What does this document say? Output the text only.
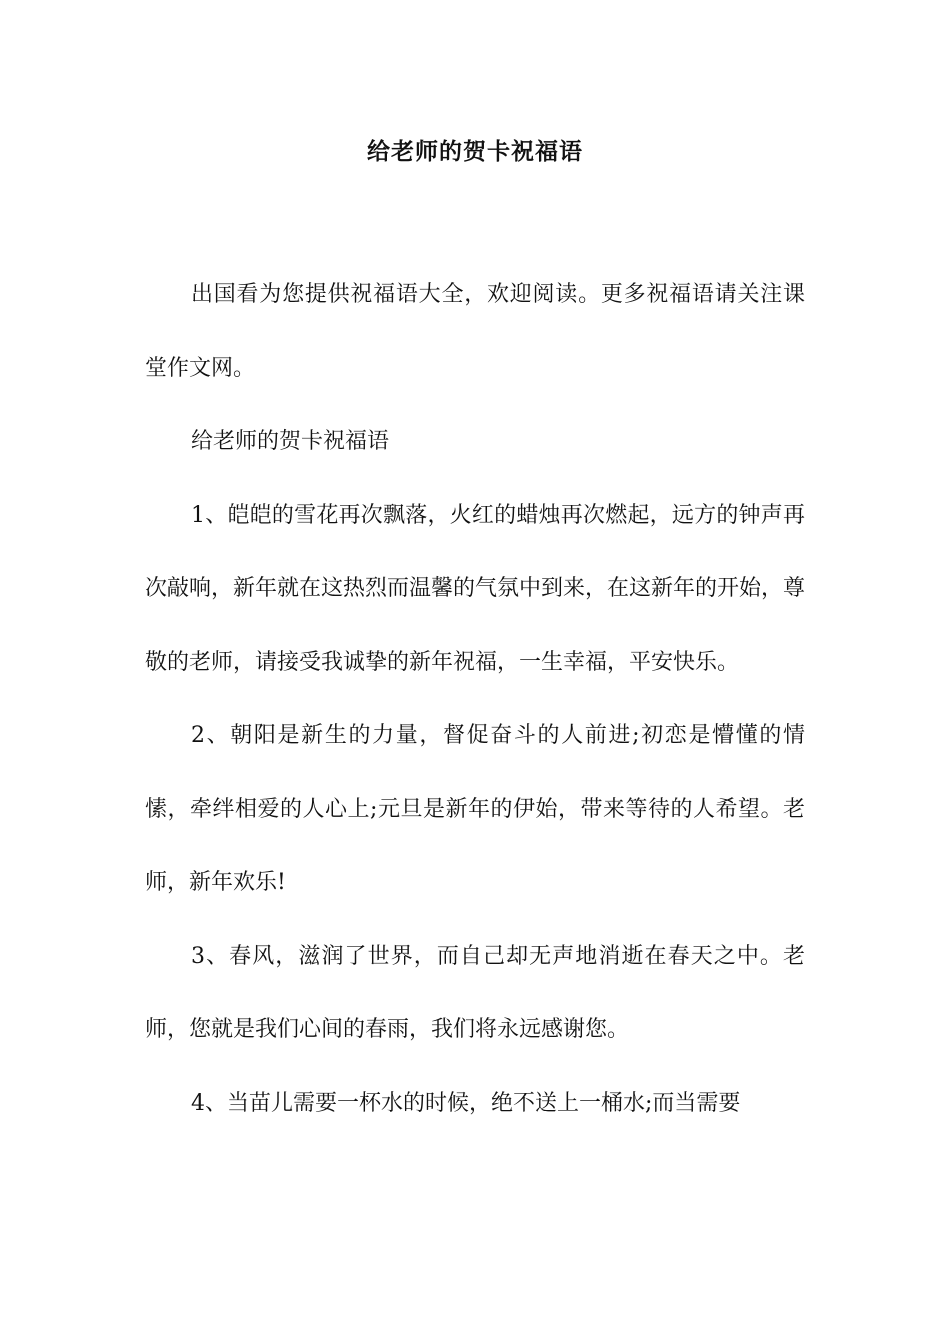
给老师的贺卡祝福语

出国看为您提供祝福语大全，欢迎阅读。更多祝福语请关注课堂作文网。

给老师的贺卡祝福语

1、皑皑的雪花再次飘落，火红的蜡烛再次燃起，远方的钟声再次敲响，新年就在这热烈而温馨的气氛中到来，在这新年的开始，尊敬的老师，请接受我诚挚的新年祝福，一生幸福，平安快乐。

2、朝阳是新生的力量，督促奋斗的人前进;初恋是懵懂的情愫，牵绊相爱的人心上;元旦是新年的伊始，带来等待的人希望。老师，新年欢乐!

3、春风，滋润了世界，而自己却无声地消逝在春天之中。老师，您就是我们心间的春雨，我们将永远感谢您。

4、当苗儿需要一杯水的时候，绝不送上一桶水;而当需要
